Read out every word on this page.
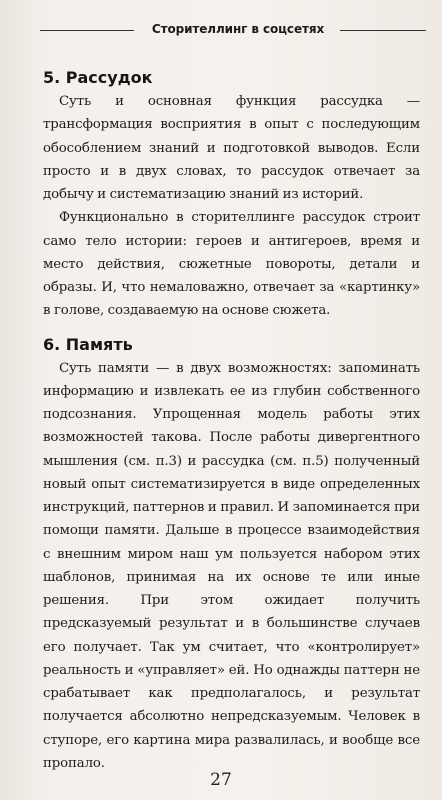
Сторителлинг в соцсетях
5. Рассудок

Суть и основная функция рассудка — трансформация восприятия в опыт с последующим обособлением знаний и подготовкой выводов. Если просто и в двух словах, то рассудок отвечает за добычу и систематизацию знаний из историй.

Функционально в сторителлинге рассудок строит само тело истории: героев и антигероев, время и место действия, сюжетные повороты, детали и образы. И, что немаловажно, отвечает за «картинку» в голове, создаваемую на основе сюжета.

6. Память

Суть памяти — в двух возможностях: запоминать информацию и извлекать ее из глубин собственного подсознания. Упрощенная модель работы этих возможностей такова. После работы дивергентного мышления (см. п.3) и рассудка (см. п.5) полученный новый опыт систематизируется в виде определенных инструкций, паттернов и правил. И запоминается при помощи памяти. Дальше в процессе взаимодействия с внешним миром наш ум пользуется набором этих шаблонов, принимая на их основе те или иные решения. При этом ожидает получить предсказуемый результат и в большинстве случаев его получает. Так ум считает, что «контролирует» реальность и «управляет» ей. Но однажды паттерн не срабатывает как предполагалось, и результат получается абсолютно непредсказуемым. Человек в ступоре, его картина мира развалилась, и вообще все пропало.

27
